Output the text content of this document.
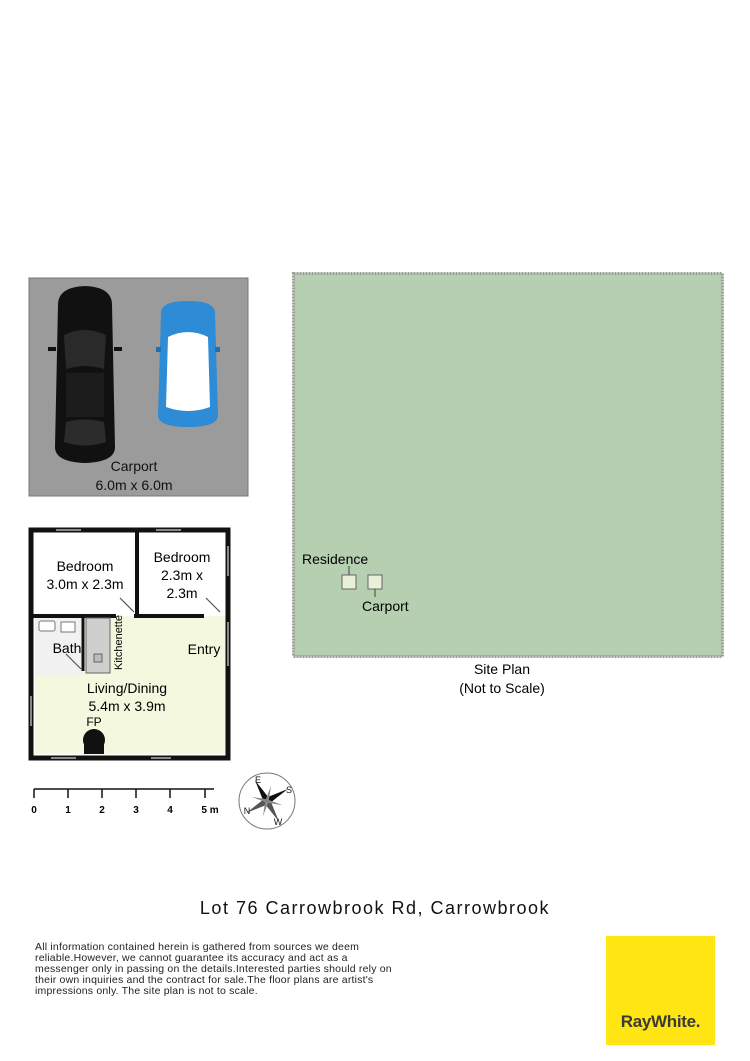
Carport
6.0m x 6.0m
Bedroom
3.0m x 2.3m
Bedroom
2.3m x
2.3m
Bath	Kitchenette	Entry
Living/Dining
5.4m x 3.9m
FP
0	1	2	3	4	5 m
E
S
W
N
Residence
Carport
Site Plan
(Not to Scale)
Lot 76 Carrowbrook Rd, Carrowbrook
All information contained herein is gathered from sources we deem reliable.However, we cannot guarantee its accuracy and act as a messenger only in passing on the details.Interested parties should rely on their own inquiries and the contract for sale.The floor plans are artist's impressions only. The site plan is not to scale.
RayWhite.
